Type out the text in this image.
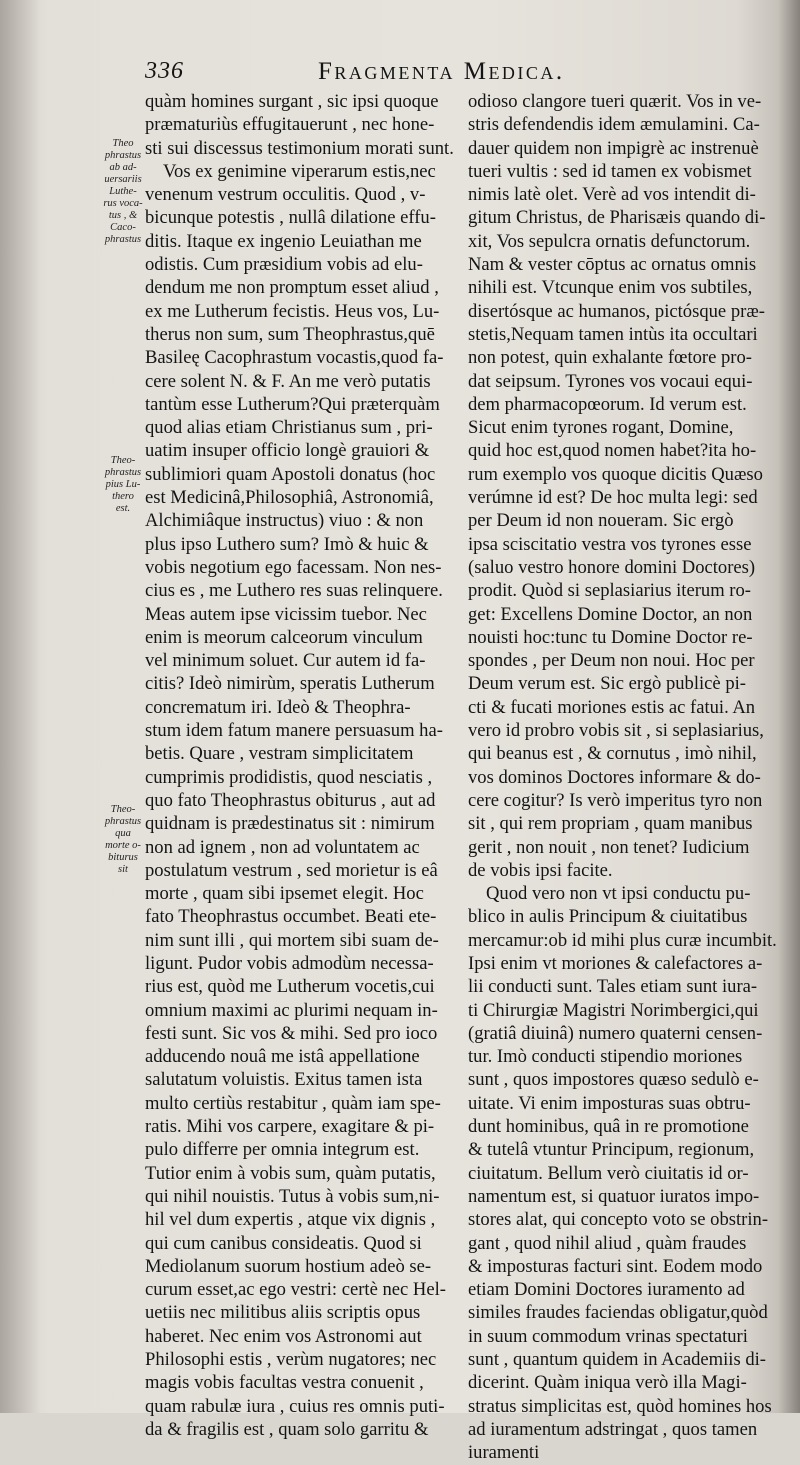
336	Fragmenta Medica.
Theo
phrastus
ab ad-
uersariis
Luthe-
rus voca-
tus , &
Caco-
phrastus
Theo-
phrastus
pius Lu-
thero
est.
Theo-
phrastus
qua
morte o-
biturus
sit
quàm homines surgant , sic ipsi quoque
præmaturiùs effugitauerunt , nec hone-
sti sui discessus testimonium morati sunt.
Vos ex genimine viperarum estis,nec
venenum vestrum occulitis. Quod , v-
bicunque potestis , nullâ dilatione effu-
ditis. Itaque ex ingenio Leuiathan me
odistis. Cum præsidium vobis ad elu-
dendum me non promptum esset aliud ,
ex me Lutherum fecistis. Heus vos, Lu-
therus non sum, sum Theophrastus,quē
Basileę Cacophrastum vocastis,quod fa-
cere solent N. & F. An me verò putatis
tantùm esse Lutherum?Qui præterquàm
quod alias etiam Christianus sum , pri-
uatim insuper officio longè grauiori &
sublimiori quam Apostoli donatus (hoc
est Medicinâ,Philosophiâ, Astronomiâ,
Alchimiâque instructus) viuo : & non
plus ipso Luthero sum? Imò & huic &
vobis negotium ego facessam. Non nes-
cius es , me Luthero res suas relinquere.
Meas autem ipse vicissim tuebor. Nec
enim is meorum calceorum vinculum
vel minimum soluet. Cur autem id fa-
citis? Ideò nimirùm, speratis Lutherum
concrematum iri. Ideò & Theophra-
stum idem fatum manere persuasum ha-
betis. Quare , vestram simplicitatem
cumprimis prodidistis, quod nesciatis ,
quo fato Theophrastus obiturus , aut ad
quidnam is prædestinatus sit : nimirum
non ad ignem , non ad voluntatem ac
postulatum vestrum , sed morietur is eâ
morte , quam sibi ipsemet elegit. Hoc
fato Theophrastus occumbet. Beati ete-
nim sunt illi , qui mortem sibi suam de-
ligunt. Pudor vobis admodùm necessa-
rius est, quòd me Lutherum vocetis,cui
omnium maximi ac plurimi nequam in-
festi sunt. Sic vos & mihi. Sed pro ioco
adducendo nouâ me istâ appellatione
salutatum voluistis. Exitus tamen ista
multo certiùs restabitur , quàm iam spe-
ratis. Mihi vos carpere, exagitare & pi-
pulo differre per omnia integrum est.
Tutior enim à vobis sum, quàm putatis,
qui nihil nouistis. Tutus à vobis sum,ni-
hil vel dum expertis , atque vix dignis ,
qui cum canibus consideatis. Quod si
Mediolanum suorum hostium adeò se-
curum esset,ac ego vestri: certè nec Hel-
uetiis nec militibus aliis scriptis opus
haberet. Nec enim vos Astronomi aut
Philosophi estis , verùm nugatores; nec
magis vobis facultas vestra conuenit ,
quam rabulæ iura , cuius res omnis puti-
da & fragilis est , quam solo garritu &
odioso clangore tueri quærit. Vos in ve-
stris defendendis idem æmulamini. Ca-
dauer quidem non impigrè ac instrenuè
tueri vultis : sed id tamen ex vobismet
nimis latè olet. Verè ad vos intendit di-
gitum Christus, de Pharisæis quando di-
xit, Vos sepulcra ornatis defunctorum.
Nam & vester cōptus ac ornatus omnis
nihili est. Vtcunque enim vos subtiles,
disertósque ac humanos, pictósque præ-
stetis,Nequam tamen intùs ita occultari
non potest, quin exhalante fœtore pro-
dat seipsum. Tyrones vos vocaui equi-
dem pharmacopœorum. Id verum est.
Sicut enim tyrones rogant, Domine,
quid hoc est,quod nomen habet?ita ho-
rum exemplo vos quoque dicitis Quæso
verúmne id est? De hoc multa legi: sed
per Deum id non noueram. Sic ergò
ipsa sciscitatio vestra vos tyrones esse
(saluo vestro honore domini Doctores)
prodit. Quòd si seplasiarius iterum ro-
get: Excellens Domine Doctor, an non
nouisti hoc:tunc tu Domine Doctor re-
spondes , per Deum non noui. Hoc per
Deum verum est. Sic ergò publicè pi-
cti & fucati moriones estis ac fatui. An
vero id probro vobis sit , si seplasiarius,
qui beanus est , & cornutus , imò nihil,
vos dominos Doctores informare & do-
cere cogitur? Is verò imperitus tyro non
sit , qui rem propriam , quam manibus
gerit , non nouit , non tenet? Iudicium
de vobis ipsi facite.
Quod vero non vt ipsi conductu pu-
blico in aulis Principum & ciuitatibus
mercamur:ob id mihi plus curæ incumbit.
Ipsi enim vt moriones & calefactores a-
lii conducti sunt. Tales etiam sunt iura-
ti Chirurgiæ Magistri Norimbergici,qui
(gratiâ diuinâ) numero quaterni censen-
tur. Imò conducti stipendio moriones
sunt , quos impostores quæso sedulò e-
uitate. Vi enim imposturas suas obtru-
dunt hominibus, quâ in re promotione
& tutelâ vtuntur Principum, regionum,
ciuitatum. Bellum verò ciuitatis id or-
namentum est, si quatuor iuratos impo-
stores alat, qui concepto voto se obstrin-
gant , quod nihil aliud , quàm fraudes
& imposturas facturi sint. Eodem modo
etiam Domini Doctores iuramento ad
similes fraudes faciendas obligatur,quòd
in suum commodum vrinas spectaturi
sunt , quantum quidem in Academiis di-
dicerint. Quàm iniqua verò illa Magi-
stratus simplicitas est, quòd homines hos
ad iuramentum adstringat , quos tamen
iuramenti
